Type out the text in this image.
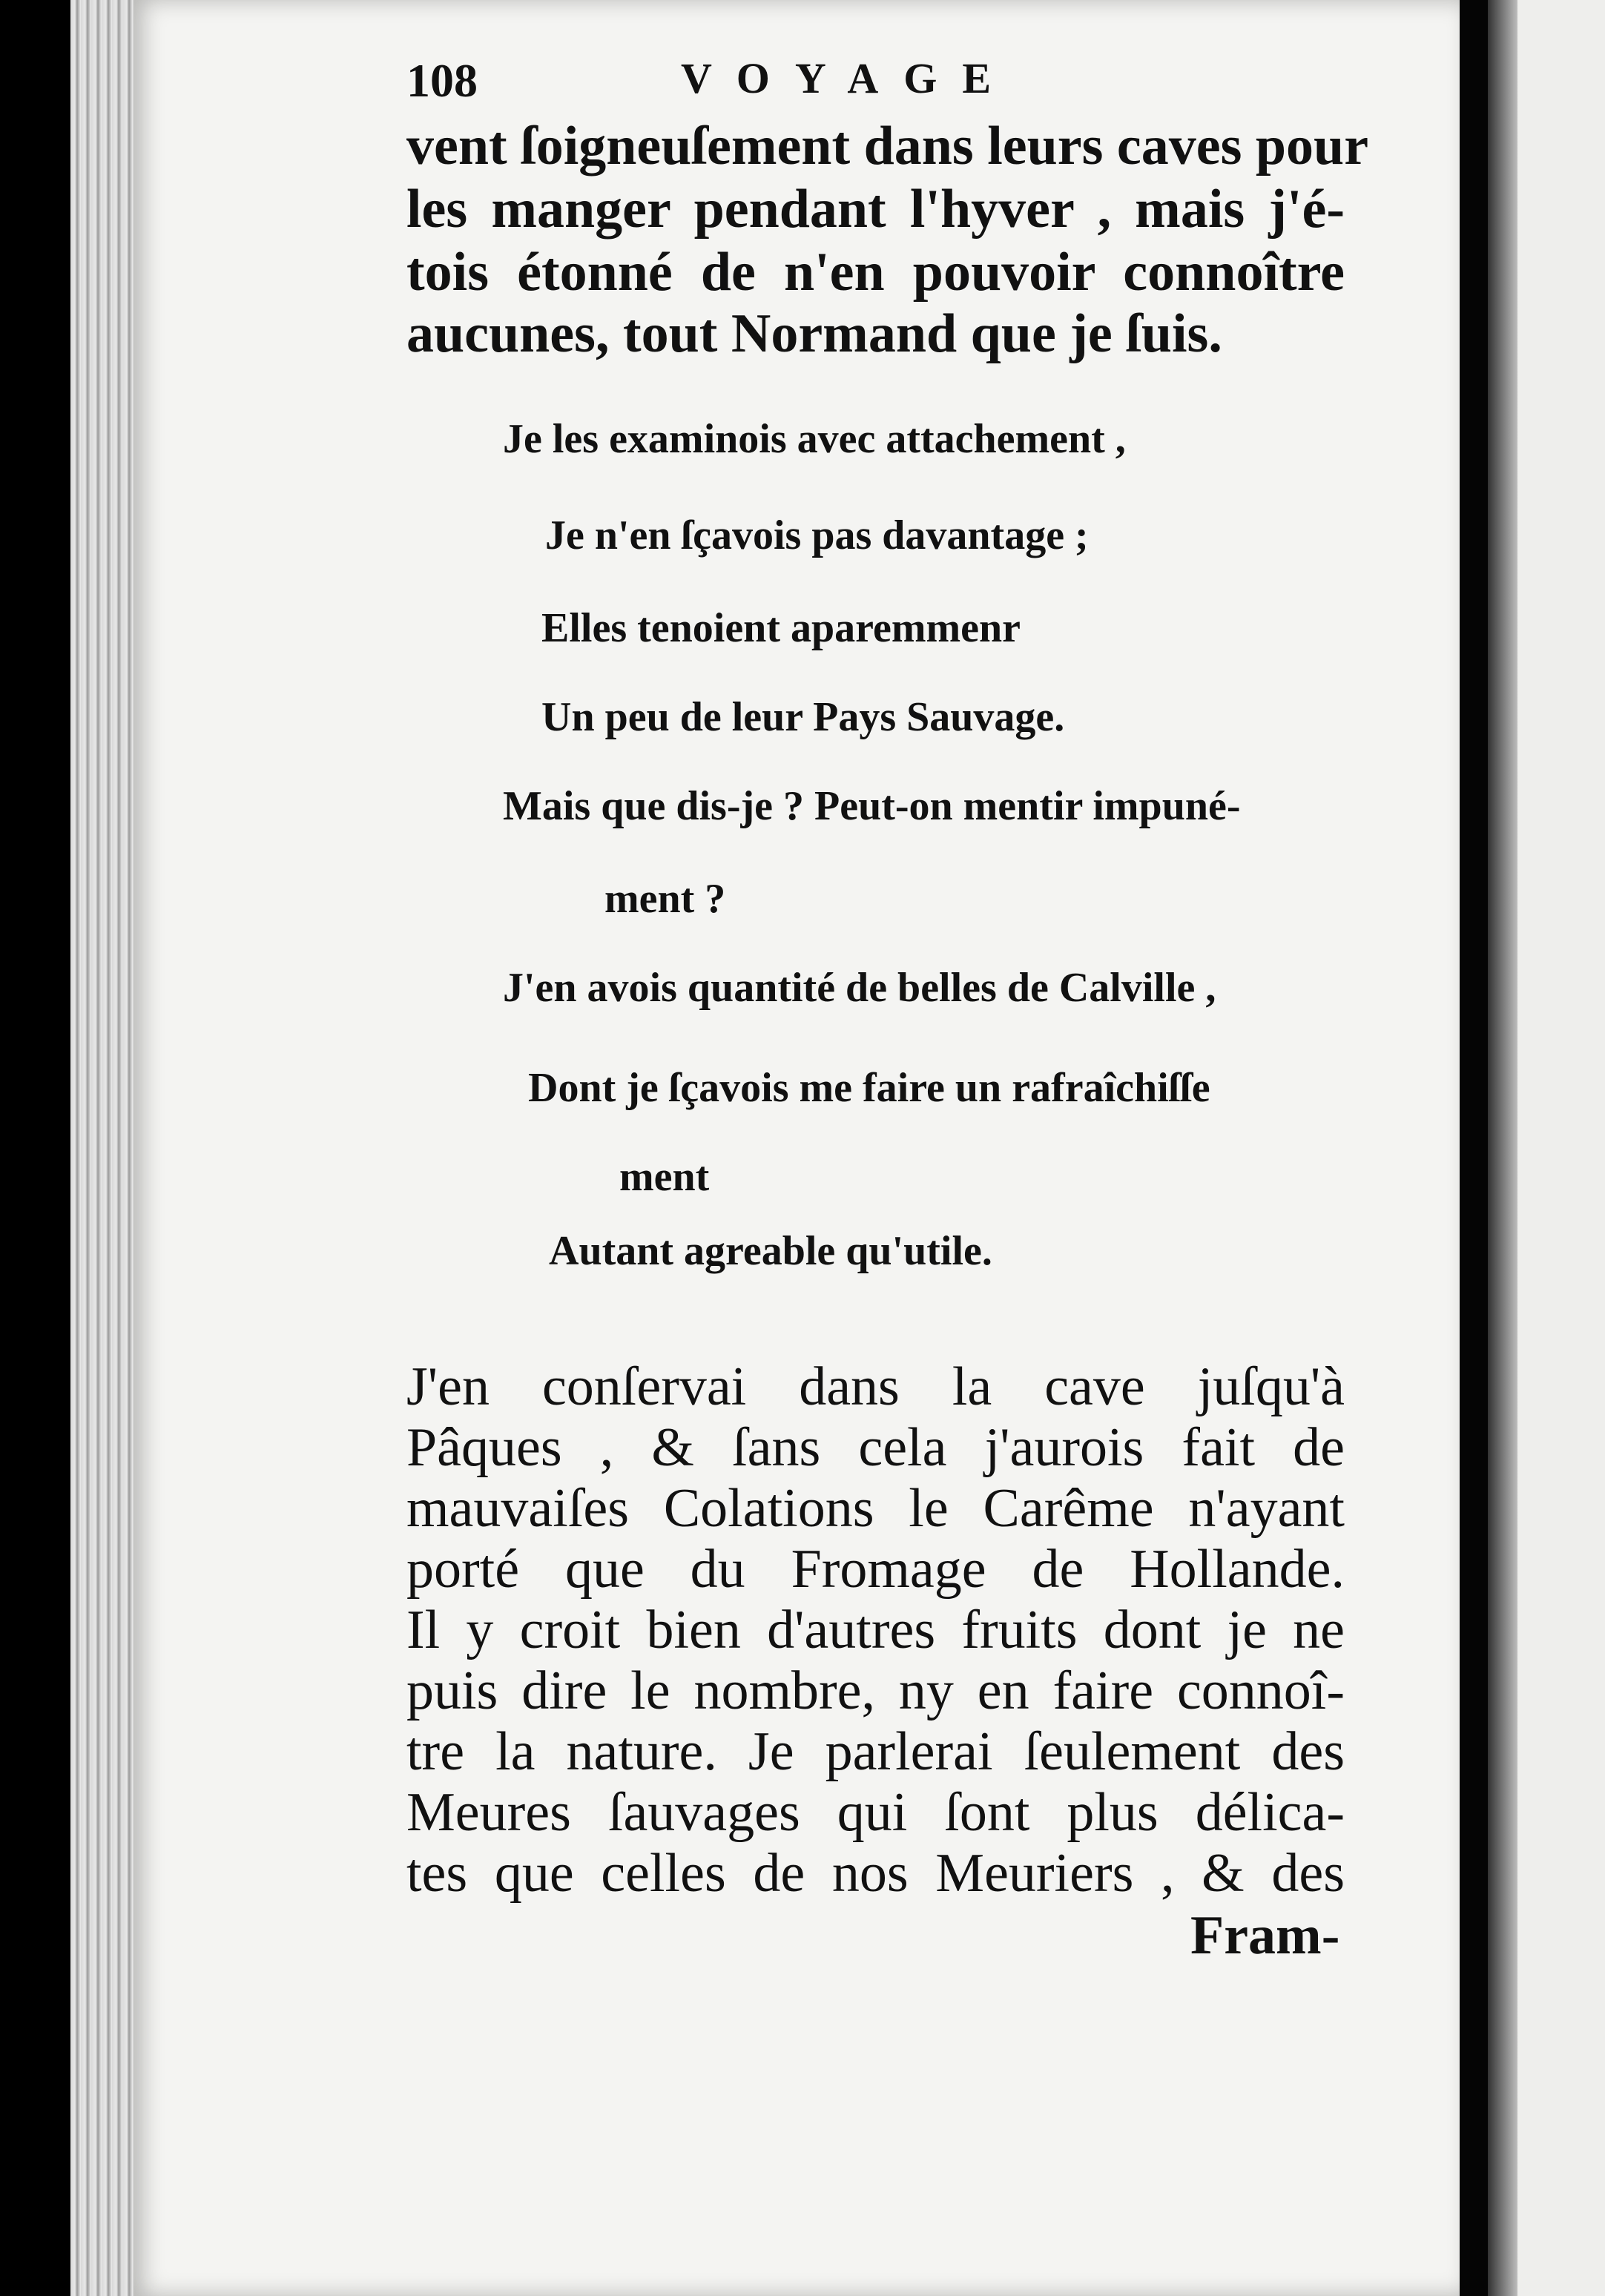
108	VOYAGE
vent ſoigneuſement dans leurs caves pour
les manger pendant l'hyver , mais j'é-
tois étonné de n'en pouvoir connoître
aucunes, tout Normand que je ſuis.
Je les examinois avec attachement ,
Je n'en ſçavois pas davantage ;
Elles tenoient aparemmenr
Un peu de leur Pays Sauvage.
Mais que dis-je ? Peut-on mentir impuné-
ment ?
J'en avois quantité de belles de Calville ,
Dont je ſçavois me faire un rafraîchiſſe
ment
Autant agreable qu'utile.
J'en conſervai dans la cave juſqu'à
Pâques , & ſans cela j'aurois fait de
mauvaiſes Colations le Carême n'ayant
porté que du Fromage de Hollande.
Il y croit bien d'autres fruits dont je ne
puis dire le nombre, ny en faire connoî-
tre la nature. Je parlerai ſeulement des
Meures ſauvages qui ſont plus délica-
tes que celles de nos Meuriers , & des
Fram-
